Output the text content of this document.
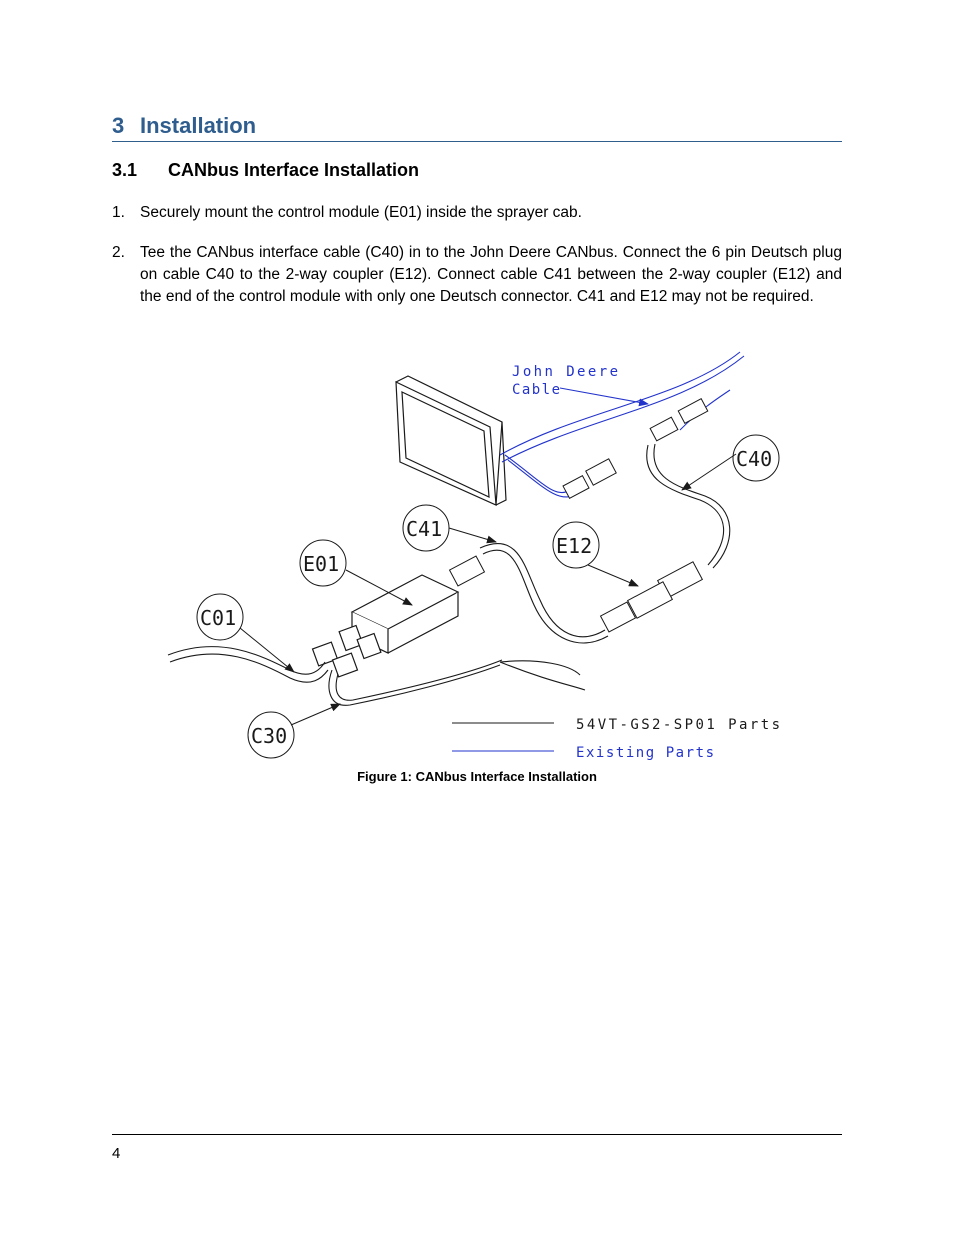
3 Installation
3.1 CANbus Interface Installation
1. Securely mount the control module (E01) inside the sprayer cab.
2. Tee the CANbus interface cable (C40) in to the John Deere CANbus. Connect the 6 pin Deutsch plug on cable C40 to the 2-way coupler (E12). Connect cable C41 between the 2-way coupler (E12) and the end of the control module with only one Deutsch connector. C41 and E12 may not be required.
John Deere
Cable
C40
C41
E12
E01
C01
C30	54VT-GS2-SP01 Parts
Existing Parts
Figure 1: CANbus Interface Installation
4
